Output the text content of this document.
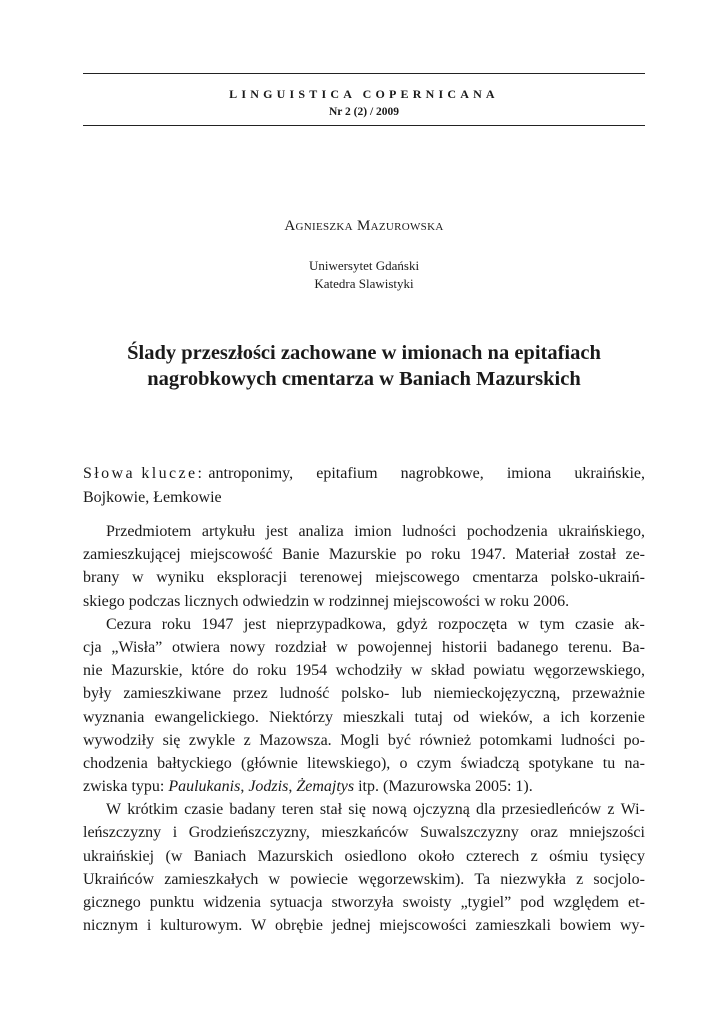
LINGUISTICA COPERNICANA
Nr 2 (2) / 2009
Agnieszka Mazurowska
Uniwersytet Gdański
Katedra Slawistyki
Ślady przeszłości zachowane w imionach na epitafiach
nagrobkowych cmentarza w Baniach Mazurskich
Słowa klucze: antroponimy, epitafium nagrobkowe, imiona ukraińskie,
Bojkowie, Łemkowie
Przedmiotem artykułu jest analiza imion ludności pochodzenia ukraińskiego,
zamieszkującej miejscowość Banie Mazurskie po roku 1947. Materiał został ze-
brany w wyniku eksploracji terenowej miejscowego cmentarza polsko-ukraiń-
skiego podczas licznych odwiedzin w rodzinnej miejscowości w roku 2006.
Cezura roku 1947 jest nieprzypadkowa, gdyż rozpoczęta w tym czasie ak-
cja „Wisła” otwiera nowy rozdział w powojennej historii badanego terenu. Ba-
nie Mazurskie, które do roku 1954 wchodziły w skład powiatu węgorzewskiego,
były zamieszkiwane przez ludność polsko- lub niemieckojęzyczną, przeważnie
wyznania ewangelickiego. Niektórzy mieszkali tutaj od wieków, a ich korzenie
wywodziły się zwykle z Mazowsza. Mogli być również potomkami ludności po-
chodzenia bałtyckiego (głównie litewskiego), o czym świadczą spotykane tu na-
zwiska typu: Paulukanis, Jodzis, Żemajtys itp. (Mazurowska 2005: 1).
W krótkim czasie badany teren stał się nową ojczyzną dla przesiedleńców z Wi-
leńszczyzny i Grodzieńszczyzny, mieszkańców Suwalszczyzny oraz mniejszości
ukraińskiej (w Baniach Mazurskich osiedlono około czterech z ośmiu tysięcy
Ukraińców zamieszkałych w powiecie węgorzewskim). Ta niezwykła z socjolo-
gicznego punktu widzenia sytuacja stworzyła swoisty „tygiel” pod względem et-
nicznym i kulturowym. W obrębie jednej miejscowości zamieszkali bowiem wy-
